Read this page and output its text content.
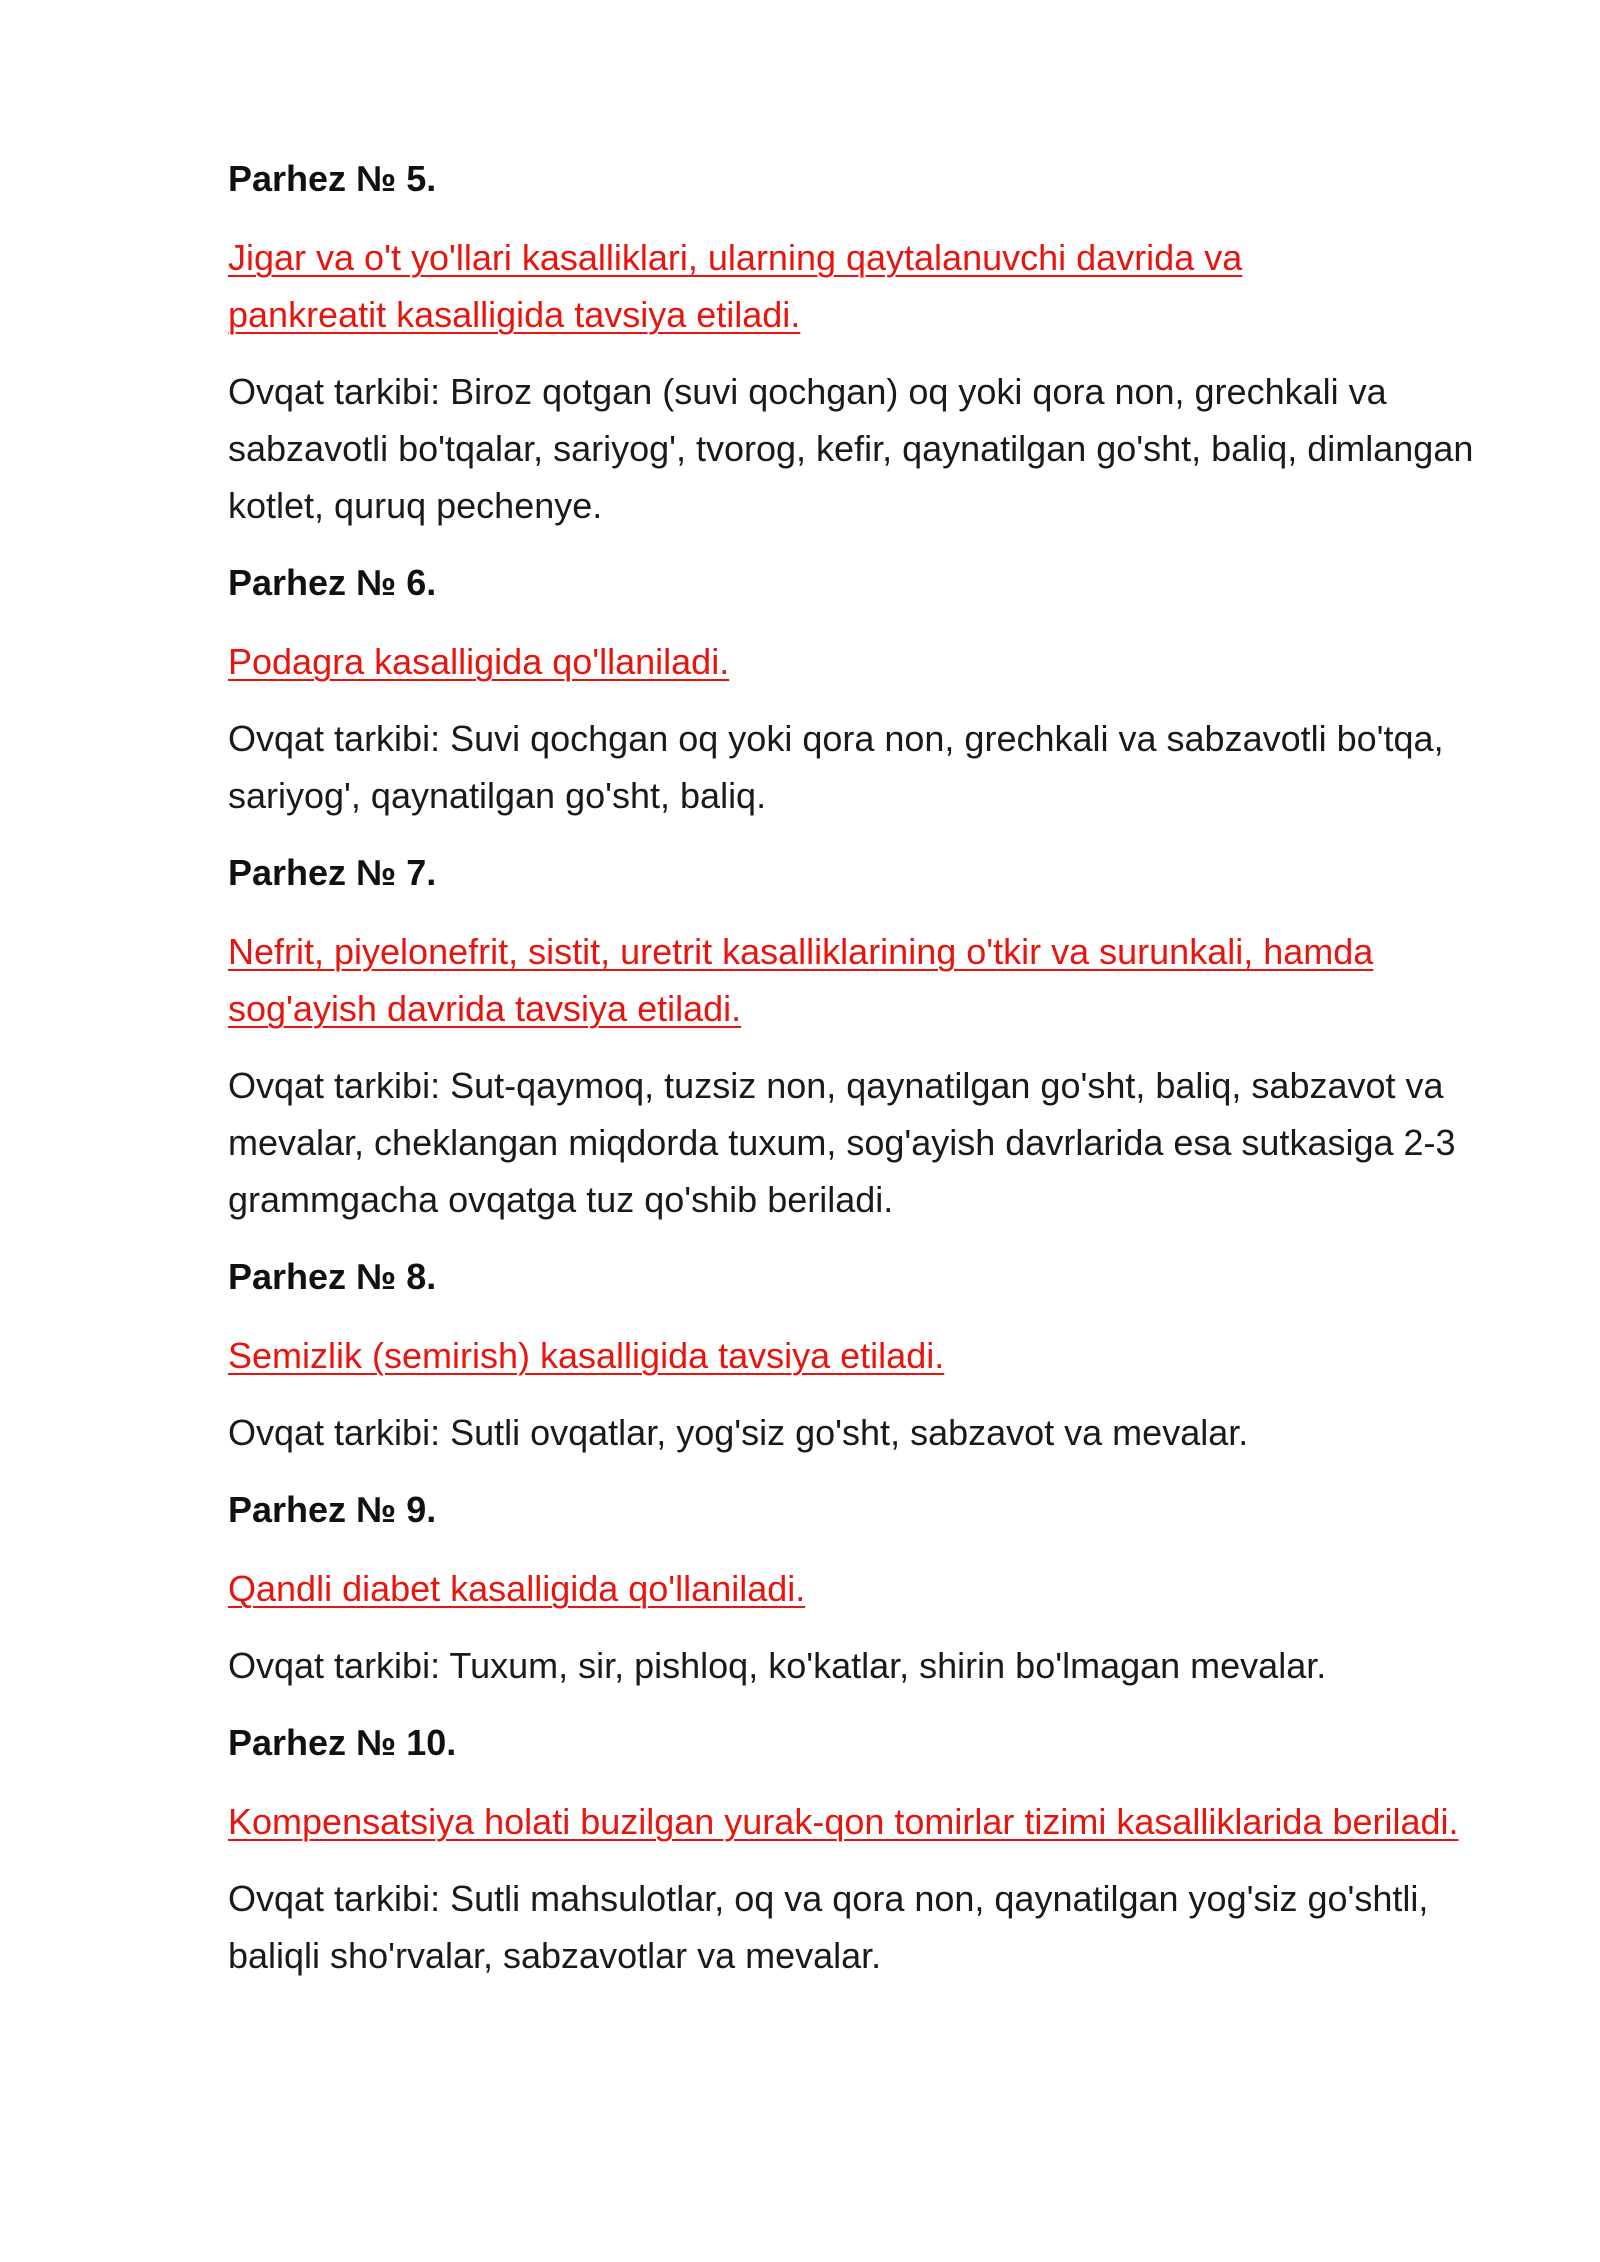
Parhez № 5.
Jigar va o't yo'llari kasalliklari, ularning qaytalanuvchi davrida va pankreatit kasalligida tavsiya etiladi.
Ovqat tarkibi: Biroz qotgan (suvi qochgan) oq yoki qora non, grechkali va sabzavotli bo'tqalar, sariyog', tvorog, kefir, qaynatilgan go'sht, baliq, dimlangan kotlet, quruq pechenye.
Parhez № 6.
Podagra kasalligida qo'llaniladi.
Ovqat tarkibi: Suvi qochgan oq yoki qora non, grechkali va sabzavotli bo'tqa, sariyog', qaynatilgan go'sht, baliq.
Parhez № 7.
Nefrit, piyelonefrit, sistit, uretrit kasalliklarining o'tkir va surunkali, hamda sog'ayish davrida tavsiya etiladi.
Ovqat tarkibi: Sut-qaymoq, tuzsiz non, qaynatilgan go'sht, baliq, sabzavot va mevalar, cheklangan miqdorda tuxum, sog'ayish davrlarida esa sutkasiga 2-3 grammgacha ovqatga tuz qo'shib beriladi.
Parhez № 8.
Semizlik (semirish) kasalligida tavsiya etiladi.
Ovqat tarkibi: Sutli ovqatlar, yog'siz go'sht, sabzavot va mevalar.
Parhez № 9.
Qandli diabet kasalligida qo'llaniladi.
Ovqat tarkibi: Tuxum, sir, pishloq, ko'katlar, shirin bo'lmagan mevalar.
Parhez № 10.
Kompensatsiya holati buzilgan yurak-qon tomirlar tizimi kasalliklarida beriladi.
Ovqat tarkibi: Sutli mahsulotlar, oq va qora non, qaynatilgan yog'siz go'shtli, baliqli sho'rvalar, sabzavotlar va mevalar.
